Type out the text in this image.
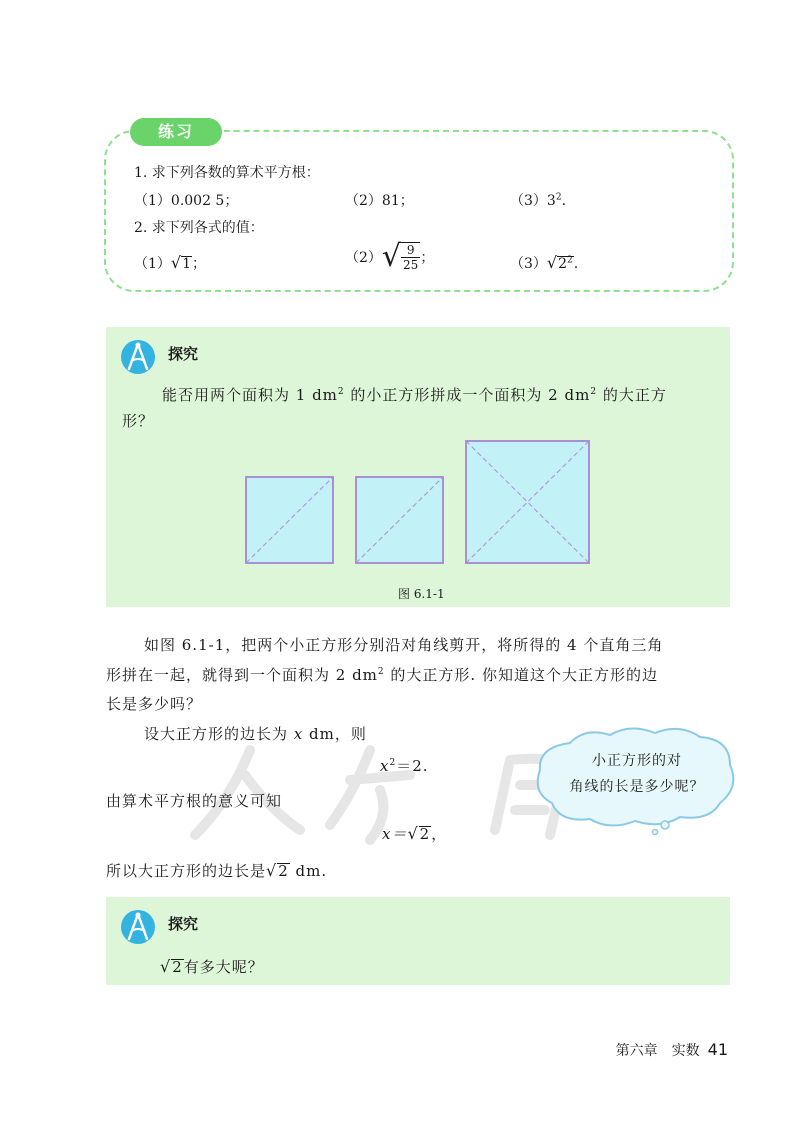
练习
1. 求下列各数的算术平方根：
（1）0.002 5；	（2）81；	$(3)3^2$.
2. 求下列各式的值：
（1）√1；	$(2)√ \frac{9}{25}$ ；	$(3)√2^2$.
探究
能否用两个面积为 1 $dm^2$ 的小正方形拼成一个面积为 2 $dm^2$ 的大正方
形？
图 6.1-1
如图 6.1-1，把两个小正方形分别沿对角线剪开，将所得的 4 个直角三角
形拼在一起，就得到一个面积为 2 $dm^2$ 的大正方形. 你知道这个大正方形的边
长是多少吗？
设大正方形的边长为 x dm，则
$x^2=2$.
由算术平方根的意义可知
x＝√2，
所以大正方形的边长是√2 dm.
小正方形的对
角线的长是多少呢？
探究
√2有多大呢？
第六章　实数 41
